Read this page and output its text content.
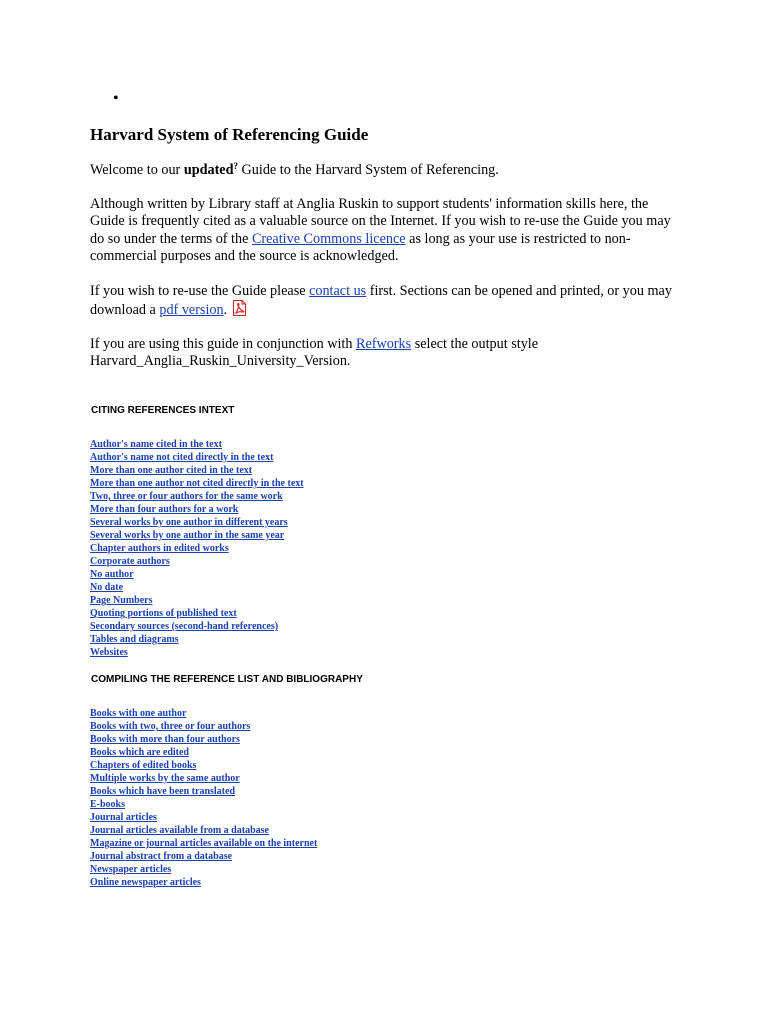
•
Harvard System of Referencing Guide

Welcome to our updated? Guide to the Harvard System of Referencing.

Although written by Library staff at Anglia Ruskin to support students' information skills here, the Guide is frequently cited as a valuable source on the Internet. If you wish to re-use the Guide you may do so under the terms of the Creative Commons licence as long as your use is restricted to non-commercial purposes and the source is acknowledged.

If you wish to re-use the Guide please contact us first. Sections can be opened and printed, or you may download a pdf version.

If you are using this guide in conjunction with Refworks select the output style Harvard_Anglia_Ruskin_University_Version.

CITING REFERENCES INTEXT
Author's name cited in the text
Author's name not cited directly in the text
More than one author cited in the text
More than one author not cited directly in the text
Two, three or four authors for the same work
More than four authors for a work
Several works by one author in different years
Several works by one author in the same year
Chapter authors in edited works
Corporate authors
No author
No date
Page Numbers
Quoting portions of published text
Secondary sources (second-hand references)
Tables and diagrams
Websites
COMPILING THE REFERENCE LIST AND BIBLIOGRAPHY
Books with one author
Books with two, three or four authors
Books with more than four authors
Books which are edited
Chapters of edited books
Multiple works by the same author
Books which have been translated
E-books
Journal articles
Journal articles available from a database
Magazine or journal articles available on the internet
Journal abstract from a database
Newspaper articles
Online newspaper articles
